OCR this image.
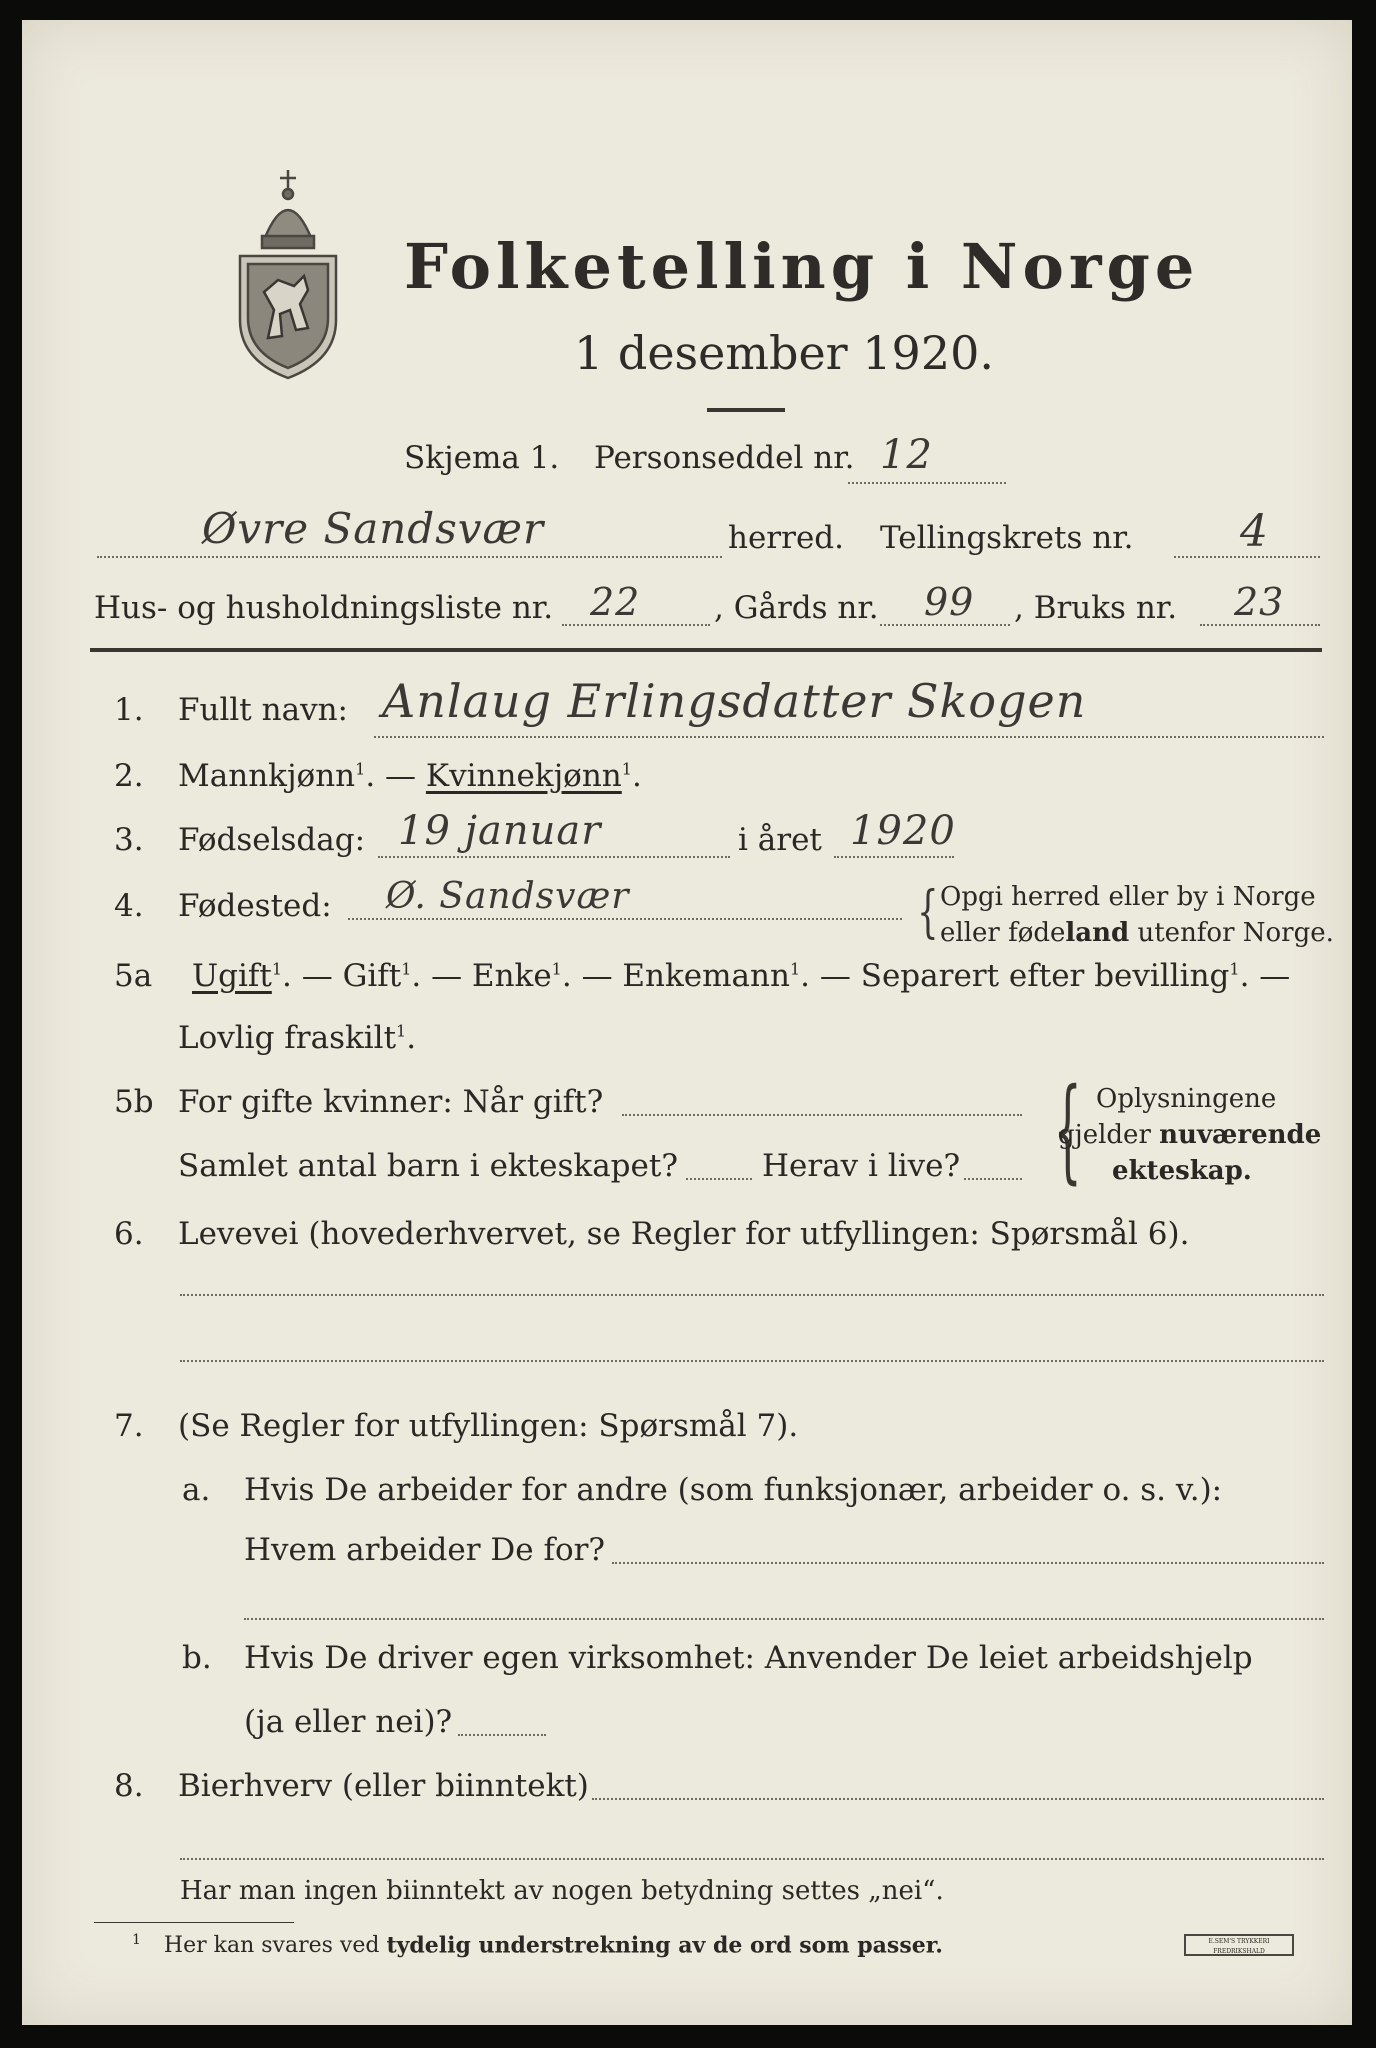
Folketelling i Norge
1 desember 1920.
Skjema 1. Personseddel nr. 12
Øvre Sandsvær	herred. Tellingskrets nr. 4
Hus- og husholdningsliste nr. 22 , Gårds nr. 99 , Bruks nr. 23
1. Fullt navn: Anlaug Erlingsdatter Skogen
2. Mannkjønn$^1$. — Kvinnekjønn$^1$.
3. Fødselsdag: 19 januar	i året 1920
4. Fødested: Ø. Sandsvær	{ Opgi herred eller by i Norge
eller fødeland utenfor Norge.
5a Ugift$^1$. — Gift$^1$. — Enke$^1$. — Enkemann$^1$. — Separert efter bevilling$^1$. —
Lovlig fraskilt$^1$.
5b For gifte kvinner: Når gift?
Samlet antal barn i ekteskapet?	Herav i live? { Oplysningene
gjelder nuværende
ekteskap.
6. Levevei (hovederhvervet, se Regler for utfyllingen: Spørsmål 6).
7. (Se Regler for utfyllingen: Spørsmål 7).
a. Hvis De arbeider for andre (som funksjonær, arbeider o. s. v.):
Hvem arbeider De for?
b. Hvis De driver egen virksomhet: Anvender De leiet arbeidshjelp
(ja eller nei)?
8. Bierhverv (eller biinntekt)
Har man ingen biinntekt av nogen betydning settes „nei“.
$^1$ Her kan svares ved tydelig understrekning av de ord som passer.	E.SEM'S TRYKKERI FREDRIKSHALD
